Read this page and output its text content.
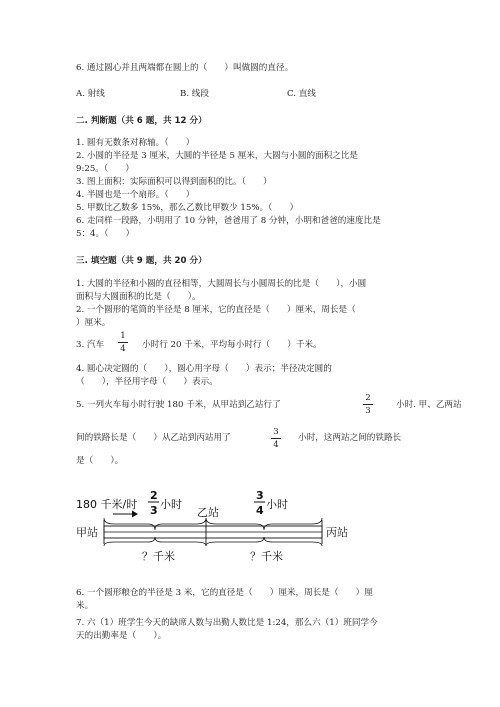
6. 通过圆心并且两端都在圆上的（　　）叫做圆的直径。
A. 射线	B. 线段	C. 直线
二. 判断题（共 6 题，共 12 分）
1. 圆有无数条对称轴。（　　）
2. 小圆的半径是 3 厘米，大圆的半径是 5 厘米，大圆与小圆的面积之比是
9:25。（　　）
3. 图上面积：实际面积可以得到面积的比。（　　）
4. 半圆也是一个扇形。（　　）
5. 甲数比乙数多 15%，那么乙数比甲数少 15%。（　　）
6. 走同样一段路，小明用了 10 分钟，爸爸用了 8 分钟，小明和爸爸的速度比是
5：4。（　　）
三. 填空题（共 9 题，共 20 分）
1. 大圆的半径和小圆的直径相等，大圆周长与小圆周长的比是（　　），小圆
面积与大圆面积的比是（　　）。
2. 一个圆形的笔筒的半径是 8 厘米，它的直径是（　　）厘米，周长是（
）厘米。
3. 汽车
1
4	小时行 20 千米，平均每小时行（　　）千米。
4. 圆心决定圆的（　　），圆心用字母（　　）表示；半径决定圆的
（　　），半径用字母（　　）表示。
5. 一列火车每小时行驶 180 千米，从甲站到乙站行了
2
3
小时. 甲、乙两站
间的铁路长是（　　）从乙站到丙站用了
3
4
小时，这两站之间的铁路长
是（　　）。
180 千米/时
2
3 小时
3
4 小时
乙站
甲站	丙站
？千米	？千米
6. 一个圆形粮仓的半径是 3 米，它的直径是（　　）厘米，周长是（　　）厘
米。
7. 六（1）班学生今天的缺席人数与出勤人数比是 1:24，那么六（1）班同学今
天的出勤率是（　　）。
